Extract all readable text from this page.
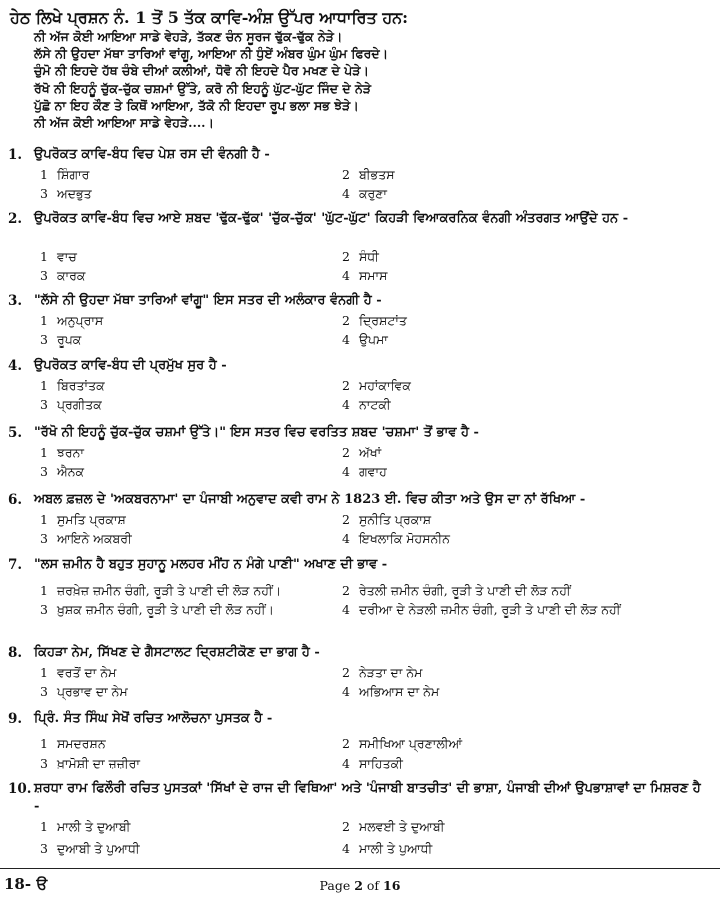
ਹੇਠ ਲਿਖੇ ਪ੍ਰਸ਼ਨ ਨੰ. 1 ਤੋਂ 5 ਤੱਕ ਕਾਵਿ-ਅੰਸ਼ ਉੱਪਰ ਆਧਾਰਿਤ ਹਨ:
ਨੀ ਅੱਜ ਕੋਈ ਆਇਆ ਸਾਡੇ ਵੇਹੜੇ, ਤੱਕਣ ਚੰਨ ਸੂਰਜ ਢੁੱਕ-ਢੁੱਕ ਨੇੜੇ।
ਲੱਸੇ ਨੀ ਉਹਦਾ ਮੱਥਾ ਤਾਰਿਆਂ ਵਾਂਗੂ, ਆਇਆ ਨੀ ਧੁੰਏਂ ਅੰਬਰ ਘੁੰਮ ਘੁੰਮ ਫਿਰਦੇ।
ਚੁੰਮੋ ਨੀ ਇਹਦੇ ਹੱਥ ਚੰਬੇ ਦੀਆਂ ਕਲੀਆਂ, ਧੋਵੋ ਨੀ ਇਹਦੇ ਪੈਰ ਮਖਣ ਦੇ ਪੇੜੇ।
ਰੱਖੋ ਨੀ ਇਹਨੂੰ ਚੁੱਕ-ਚੁੱਕ ਚਸ਼ਮਾਂ ਉੱਤੇ, ਕਰੋ ਨੀ ਇਹਨੂੰ ਘੁੱਟ-ਘੁੱਟ ਜਿੰਦ ਦੇ ਨੇੜੇ
ਪੁੱਛੋ ਨਾ ਇਹ ਕੌਣ ਤੇ ਕਿਥੋਂ ਆਇਆ, ਤੱਕੋ ਨੀ ਇਹਦਾ ਰੂਪ ਭਲਾ ਸਭ ਝੇੜੇ।
ਨੀ ਅੱਜ ਕੋਈ ਆਇਆ ਸਾਡੇ ਵੇਹੜੇ....।
1. ਉਪਰੋਕਤ ਕਾਵਿ-ਬੰਧ ਵਿਚ ਪੇਸ਼ ਰਸ ਦੀ ਵੰਨਗੀ ਹੈ -
1 ਸ਼ਿੰਗਾਰ	2 ਬੀਭਤਸ
3 ਅਦਭੁਤ	4 ਕਰੁਣਾ
2. ਉਪਰੋਕਤ ਕਾਵਿ-ਬੰਧ ਵਿਚ ਆਏ ਸ਼ਬਦ 'ਢੁੱਕ-ਢੁੱਕ' 'ਚੁੱਕ-ਚੁੱਕ' 'ਘੁੱਟ-ਘੁੱਟ' ਕਿਹੜੀ ਵਿਆਕਰਨਿਕ ਵੰਨਗੀ ਅੰਤਰਗਤ ਆਉਂਦੇ ਹਨ -
1 ਵਾਚ	2 ਸੰਧੀ
3 ਕਾਰਕ	4 ਸਮਾਸ
3. "ਲੱਸੇ ਨੀ ਉਹਦਾ ਮੱਥਾ ਤਾਰਿਆਂ ਵਾਂਗੂ" ਇਸ ਸਤਰ ਦੀ ਅਲੰਕਾਰ ਵੰਨਗੀ ਹੈ -
1 ਅਨੁਪ੍ਰਾਸ	2 ਦ੍ਰਿਸ਼ਟਾਂਤ
3 ਰੂਪਕ	4 ਉਪਮਾ
4. ਉਪਰੋਕਤ ਕਾਵਿ-ਬੰਧ ਦੀ ਪ੍ਰਮੁੱਖ ਸੁਰ ਹੈ -
1 ਬਿਰਤਾਂਤਕ	2 ਮਹਾਂਕਾਵਿਕ
3 ਪ੍ਰਗੀਤਕ	4 ਨਾਟਕੀ
5. "ਰੱਖੋ ਨੀ ਇਹਨੂੰ ਚੁੱਕ-ਚੁੱਕ ਚਸ਼ਮਾਂ ਉੱਤੇ।" ਇਸ ਸਤਰ ਵਿਚ ਵਰਤਿਤ ਸ਼ਬਦ 'ਚਸ਼ਮਾ' ਤੋਂ ਭਾਵ ਹੈ -
1 ਝਰਨਾ	2 ਅੱਖਾਂ
3 ਐਨਕ	4 ਗਵਾਹ
6. ਅਬਲ ਫ਼ਜ਼ਲ ਦੇ 'ਅਕਬਰਨਾਮਾ' ਦਾ ਪੰਜਾਬੀ ਅਨੁਵਾਦ ਕਵੀ ਰਾਮ ਨੇ 1823 ਈ. ਵਿਚ ਕੀਤਾ ਅਤੇ ਉਸ ਦਾ ਨਾਂ ਰੱਖਿਆ -
1 ਸੁਮਤਿ ਪ੍ਰਕਾਸ਼	2 ਸੁਨੀਤਿ ਪ੍ਰਕਾਸ਼
3 ਆਇਨੇ ਅਕਬਰੀ	4 ਇਖਲਾਕਿ ਮੋਹਸਨੀਨ
7. "ਲਸ ਜ਼ਮੀਨ ਹੈ ਬਹੁਤ ਸੁਹਾਨੂ ਮਲਹਰ ਮੀਂਹ ਨ ਮੰਗੇ ਪਾਣੀ" ਅਖਾਣ ਦੀ ਭਾਵ -
1 ਜ਼ਰਖ਼ੇਜ਼ ਜ਼ਮੀਨ ਚੰਗੀ, ਰੂੜੀ ਤੇ ਪਾਣੀ ਦੀ ਲੋੜ ਨਹੀਂ।	2 ਰੇਤਲੀ ਜ਼ਮੀਨ ਚੰਗੀ, ਰੂੜੀ ਤੇ ਪਾਣੀ ਦੀ ਲੋੜ ਨਹੀਂ
3 ਖ਼ੁਸ਼ਕ ਜ਼ਮੀਨ ਚੰਗੀ, ਰੂੜੀ ਤੇ ਪਾਣੀ ਦੀ ਲੋੜ ਨਹੀਂ।	4 ਦਰੀਆ ਦੇ ਨੇੜਲੀ ਜ਼ਮੀਨ ਚੰਗੀ, ਰੂੜੀ ਤੇ ਪਾਣੀ ਦੀ ਲੋੜ ਨਹੀਂ
8. ਕਿਹੜਾ ਨੇਮ, ਸਿੱਖਣ ਦੇ ਗੈਸਟਾਲਟ ਦ੍ਰਿਸ਼ਟੀਕੋਣ ਦਾ ਭਾਗ ਹੈ -
1 ਵਰਤੋਂ ਦਾ ਨੇਮ	2 ਨੇੜਤਾ ਦਾ ਨੇਮ
3 ਪ੍ਰਭਾਵ ਦਾ ਨੇਮ	4 ਅਭਿਆਸ ਦਾ ਨੇਮ
9. ਪ੍ਰਿੰ. ਸੰਤ ਸਿੰਘ ਸੇਖੋਂ ਰਚਿਤ ਆਲੋਚਨਾ ਪੁਸਤਕ ਹੈ -
1 ਸਮਦਰਸ਼ਨ	2 ਸਮੀਖਿਆ ਪ੍ਰਣਾਲੀਆਂ
3 ਖ਼ਾਮੋਸ਼ੀ ਦਾ ਜ਼ਜ਼ੀਰਾ	4 ਸਾਹਿਤਕੀ
10. ਸ਼ਰਧਾ ਰਾਮ ਫਿਲੌਰੀ ਰਚਿਤ ਪੁਸਤਕਾਂ 'ਸਿੱਖਾਂ ਦੇ ਰਾਜ ਦੀ ਵਿਥਿਆ' ਅਤੇ 'ਪੰਜਾਬੀ ਬਾਤਚੀਤ' ਦੀ ਭਾਸ਼ਾ, ਪੰਜਾਬੀ ਦੀਆਂ ਉਪਭਾਸ਼ਾਵਾਂ ਦਾ ਮਿਸ਼ਰਣ ਹੈ -
1 ਮਾਲੀ ਤੇ ਦੁਆਬੀ	2 ਮਲਵਈ ਤੇ ਦੁਆਬੀ
3 ਦੁਆਬੀ ਤੇ ਪੁਆਧੀ	4 ਮਾਲੀ ਤੇ ਪੁਆਧੀ
18- ੳ	Page 2 of 16
